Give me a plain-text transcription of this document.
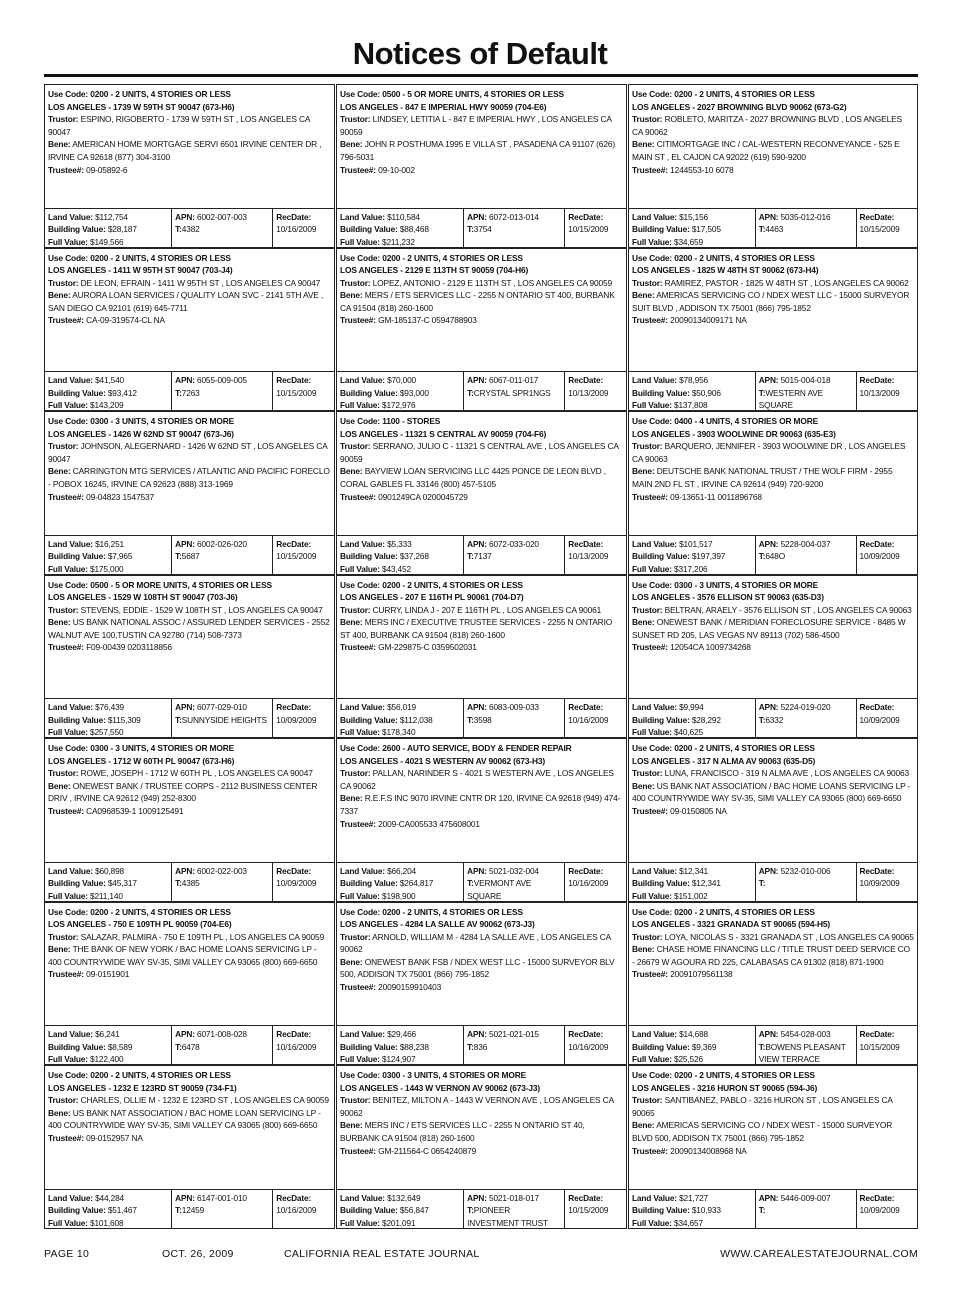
Notices of Default
Use Code: 0200 - 2 UNITS, 4 STORIES OR LESS
LOS ANGELES - 1739 W 59TH ST 90047 (673-H6)
Trustor: ESPINO, RIGOBERTO - 1739 W 59TH ST , LOS ANGELES CA 90047
Bene: AMERICAN HOME MORTGAGE SERVI 6501 IRVINE CENTER DR , IRVINE CA 92618 (877) 304-3100
Trustee#: 09-05892-6
Land Value: $112,754
Building Value: $28,187
Full Value: $149,566
APN: 6002-007-003
T:4382
RecDate:
10/16/2009
Use Code: 0500 - 5 OR MORE UNITS, 4 STORIES OR LESS
LOS ANGELES - 847 E IMPERIAL HWY 90059 (704-E6)
Trustor: LINDSEY, LETITIA L - 847 E IMPERIAL HWY , LOS ANGELES CA 90059
Bene: JOHN R POSTHUMA 1995 E VILLA ST , PASADENA CA 91107 (626) 796-5031
Trustee#: 09-10-002
Land Value: $110,584
Building Value: $88,468
Full Value: $211,232
APN: 6072-013-014
T:3754
RecDate:
10/15/2009
Use Code: 0200 - 2 UNITS, 4 STORIES OR LESS
LOS ANGELES - 2027 BROWNING BLVD 90062 (673-G2)
Trustor: ROBLETO, MARITZA - 2027 BROWNING BLVD , LOS ANGELES CA 90062
Bene: CITIMORTGAGE INC / CAL-WESTERN RECONVEYANCE - 525 E MAIN ST , EL CAJON CA 92022 (619) 590-9200
Trustee#: 1244553-10 6078
Land Value: $15,156
Building Value: $17,505
Full Value: $34,659
APN: 5035-012-016
T:4463
RecDate:
10/15/2009
Use Code: 0200 - 2 UNITS, 4 STORIES OR LESS
LOS ANGELES - 1411 W 95TH ST 90047 (703-J4)
Trustor: DE LEON, EFRAIN - 1411 W 95TH ST , LOS ANGELES CA 90047
Bene: AURORA LOAN SERVICES / QUALITY LOAN SVC - 2141 5TH AVE , SAN DIEGO CA 92101 (619) 645-7711
Trustee#: CA-09-319574-CL NA
Land Value: $41,540
Building Value: $93,412
Full Value: $143,209
APN: 6055-009-005
T:7263
RecDate:
10/15/2009
Use Code: 0200 - 2 UNITS, 4 STORIES OR LESS
LOS ANGELES - 2129 E 113TH ST 90059 (704-H6)
Trustor: LOPEZ, ANTONIO - 2129 E 113TH ST , LOS ANGELES CA 90059
Bene: MERS / ETS SERVICES LLC - 2255 N ONTARIO ST 400, BURBANK CA 91504 (818) 260-1600
Trustee#: GM-185137-C 0594788903
Land Value: $70,000
Building Value: $93,000
Full Value: $172,976
APN: 6067-011-017
T:CRYSTAL SPR1NGS
RecDate:
10/13/2009
Use Code: 0200 - 2 UNITS, 4 STORIES OR LESS
LOS ANGELES - 1825 W 48TH ST 90062 (673-H4)
Trustor: RAMIREZ, PASTOR - 1825 W 48TH ST , LOS ANGELES CA 90062
Bene: AMERICAS SERVICING CO / NDEX WEST LLC - 15000 SURVEYOR SUIT BLVD , ADDISON TX 75001 (866) 795-1852
Trustee#: 20090134009171 NA
Land Value: $78,956
Building Value: $50,906
Full Value: $137,808
APN: 5015-004-018
T:WESTERN AVE SQUARE
RecDate:
10/13/2009
Use Code: 0300 - 3 UNITS, 4 STORIES OR MORE
LOS ANGELES - 1426 W 62ND ST 90047 (673-J6)
Trustor: JOHNSON, ALEGERNARD - 1426 W 62ND ST , LOS ANGELES CA 90047
Bene: CARRINGTON MTG SERVICES / ATLANTIC AND PACIFIC FORECLO - POBOX 16245, IRVINE CA 92623 (888) 313-1969
Trustee#: 09-04823 1547537
Land Value: $16,251
Building Value: $7,965
Full Value: $175,000
APN: 6002-026-020
T:5687
RecDate:
10/15/2009
Use Code: 1100 - STORES
LOS ANGELES - 11321 S CENTRAL AV 90059 (704-F6)
Trustor: SERRANO, JULIO C - 11321 S CENTRAL AVE , LOS ANGELES CA 90059
Bene: BAYVIEW LOAN SERVICING LLC 4425 PONCE DE LEON BLVD , CORAL GABLES FL 33146 (800) 457-5105
Trustee#: 0901249CA 0200045729
Land Value: $5,333
Building Value: $37,268
Full Value: $43,452
APN: 6072-033-020
T:7137
RecDate:
10/13/2009
Use Code: 0400 - 4 UNITS, 4 STORIES OR MORE
LOS ANGELES - 3903 WOOLWINE DR 90063 (635-E3)
Trustor: BARQUERO, JENNIFER - 3903 WOOLWINE DR , LOS ANGELES CA 90063
Bene: DEUTSCHE BANK NATIONAL TRUST / THE WOLF FIRM - 2955 MAIN 2ND FL ST , IRVINE CA 92614 (949) 720-9200
Trustee#: 09-13651-11 0011896768
Land Value: $101,517
Building Value: $197,397
Full Value: $317,206
APN: 5228-004-037
T:648O
RecDate:
10/09/2009
Use Code: 0500 - 5 OR MORE UNITS, 4 STORIES OR LESS
LOS ANGELES - 1529 W 108TH ST 90047 (703-J6)
Trustor: STEVENS, EDDIE - 1529 W 108TH ST , LOS ANGELES CA 90047
Bene: US BANK NATIONAL ASSOC / ASSURED LENDER SERVICES - 2552 WALNUT AVE 100,TUSTIN CA 92780 (714) 508-7373
Trustee#: F09-00439 0203118856
Land Value: $76,439
Building Value: $115,309
Full Value: $257,550
APN: 6077-029-010
T:SUNNYSIDE HEIGHTS
RecDate:
10/09/2009
Use Code: 0200 - 2 UNITS, 4 STORIES OR LESS
LOS ANGELES - 207 E 116TH PL 90061 (704-D7)
Trustor: CURRY, LINDA J - 207 E 116TH PL , LOS ANGELES CA 90061
Bene: MERS INC / EXECUTIVE TRUSTEE SERVICES - 2255 N ONTARIO ST 400, BURBANK CA 91504 (818) 260-1600
Trustee#: GM-229875-C 0359502031
Land Value: $56,019
Building Value: $112,038
Full Value: $178,340
APN: 6083-009-033
T:3598
RecDate:
10/16/2009
Use Code: 0300 - 3 UNITS, 4 STORIES OR MORE
LOS ANGELES - 3576 ELLISON ST 90063 (635-D3)
Trustor: BELTRAN, ARAELY - 3576 ELLISON ST , LOS ANGELES CA 90063
Bene: ONEWEST BANK / MERIDIAN FORECLOSURE SERVICE - 8485 W SUNSET RD 205, LAS VEGAS NV 89113 (702) 586-4500
Trustee#: 12054CA 1009734268
Land Value: $9,994
Building Value: $28,292
Full Value: $40,625
APN: 5224-019-020
T:6332
RecDate:
10/09/2009
Use Code: 0300 - 3 UNITS, 4 STORIES OR MORE
LOS ANGELES - 1712 W 60TH PL 90047 (673-H6)
Trustor: ROWE, JOSEPH - 1712 W 60TH PL , LOS ANGELES CA 90047
Bene: ONEWEST BANK / TRUSTEE CORPS - 2112 BUSINESS CENTER DRIV , IRVINE CA 92612 (949) 252-8300
Trustee#: CA0968539-1 1009125491
Land Value: $60,898
Building Value: $45,317
Full Value: $211,140
APN: 6002-022-003
T:4385
RecDate:
10/09/2009
Use Code: 2600 - AUTO SERVICE, BODY & FENDER REPAIR
LOS ANGELES - 4021 S WESTERN AV 90062 (673-H3)
Trustor: PALLAN, NARINDER S - 4021 S WESTERN AVE , LOS ANGELES CA 90062
Bene: R.E.F.S INC 9070 IRVINE CNTR DR 120, IRVINE CA 92618 (949) 474-7337
Trustee#: 2009-CA005533 475608001
Land Value: $66,204
Building Value: $264,817
Full Value: $198,900
APN: 5021-032-004
T:VERMONT AVE SQUARE
RecDate:
10/16/2009
Use Code: 0200 - 2 UNITS, 4 STORIES OR LESS
LOS ANGELES - 317 N ALMA AV 90063 (635-D5)
Trustor: LUNA, FRANCISCO - 319 N ALMA AVE , LOS ANGELES CA 90063
Bene: US BANK NAT ASSOCIATION / BAC HOME LOANS SERVICING LP - 400 COUNTRYWIDE WAY SV-35, SIMI VALLEY CA 93065 (800) 669-6650
Trustee#: 09-0150805 NA
Land Value: $12,341
Building Value: $12,341
Full Value: $151,002
APN: 5232-010-006
T:
RecDate:
10/09/2009
Use Code: 0200 - 2 UNITS, 4 STORIES OR LESS
LOS ANGELES - 750 E 109TH PL 90059 (704-E6)
Trustor: SALAZAR, PALMIRA - 750 E 109TH PL , LOS ANGELES CA 90059
Bene: THE BANK OF NEW YORK / BAC HOME LOANS SERVICING LP - 400 COUNTRYWIDE WAY SV-35, SIMI VALLEY CA 93065 (800) 669-6650
Trustee#: 09-0151901
Land Value: $6,241
Building Value: $8,589
Full Value: $122,400
APN: 6071-008-028
T:6478
RecDate:
10/16/2009
Use Code: 0200 - 2 UNITS, 4 STORIES OR LESS
LOS ANGELES - 4284 LA SALLE AV 90062 (673-J3)
Trustor: ARNOLD, WILLIAM M - 4284 LA SALLE AVE , LOS ANGELES CA 90062
Bene: ONEWEST BANK FSB / NDEX WEST LLC - 15000 SURVEYOR BLV 500, ADDISON TX 75001 (866) 795-1852
Trustee#: 20090159910403
Land Value: $29,466
Building Value: $88,238
Full Value: $124,907
APN: 5021-021-015
T:836
RecDate:
10/16/2009
Use Code: 0200 - 2 UNITS, 4 STORIES OR LESS
LOS ANGELES - 3321 GRANADA ST 90065 (594-H5)
Trustor: LOYA, NICOLAS S - 3321 GRANADA ST , LOS ANGELES CA 90065
Bene: CHASE HOME FINANCING LLC / TITLE TRUST DEED SERVICE CO - 26679 W AGOURA RD 225, CALABASAS CA 91302 (818) 871-1900
Trustee#: 20091079561138
Land Value: $14,688
Building Value: $9,369
Full Value: $25,526
APN: 5454-028-003
T:BOWENS PLEASANT VIEW TERRACE
RecDate:
10/15/2009
Use Code: 0200 - 2 UNITS, 4 STORIES OR LESS
LOS ANGELES - 1232 E 123RD ST 90059 (734-F1)
Trustor: CHARLES, OLLIE M - 1232 E 123RD ST , LOS ANGELES CA 90059
Bene: US BANK NAT ASSOCIATION / BAC HOME LOAN SERVICING LP - 400 COUNTRYWIDE WAY SV-35, SIMI VALLEY CA 93065 (800) 669-6650
Trustee#: 09-0152957 NA
Land Value: $44,284
Building Value: $51,467
Full Value: $101,608
APN: 6147-001-010
T:12459
RecDate:
10/16/2009
Use Code: 0300 - 3 UNITS, 4 STORIES OR MORE
LOS ANGELES - 1443 W VERNON AV 90062 (673-J3)
Trustor: BENITEZ, MILTON A - 1443 W VERNON AVE , LOS ANGELES CA 90062
Bene: MERS INC / ETS SERVICES LLC - 2255 N ONTARIO ST 40, BURBANK CA 91504 (818) 260-1600
Trustee#: GM-211564-C 0654240879
Land Value: $132,649
Building Value: $56,847
Full Value: $201,091
APN: 5021-018-017
T:PIONEER INVESTMENT TRUST
RecDate:
10/15/2009
Use Code: 0200 - 2 UNITS, 4 STORIES OR LESS
LOS ANGELES - 3216 HURON ST 90065 (594-J6)
Trustor: SANTIBANEZ, PABLO - 3216 HURON ST , LOS ANGELES CA 90065
Bene: AMERICAS SERVICING CO / NDEX WEST - 15000 SURVEYOR BLVD 500, ADDISON TX 75001 (866) 795-1852
Trustee#: 20090134008968 NA
Land Value: $21,727
Building Value: $10,933
Full Value: $34,657
APN: 5446-009-007
T:
RecDate:
10/09/2009
PAGE 10	OCT. 26, 2009	CALIFORNIA REAL ESTATE JOURNAL	WWW.CAREALESTATEJOURNAL.COM
